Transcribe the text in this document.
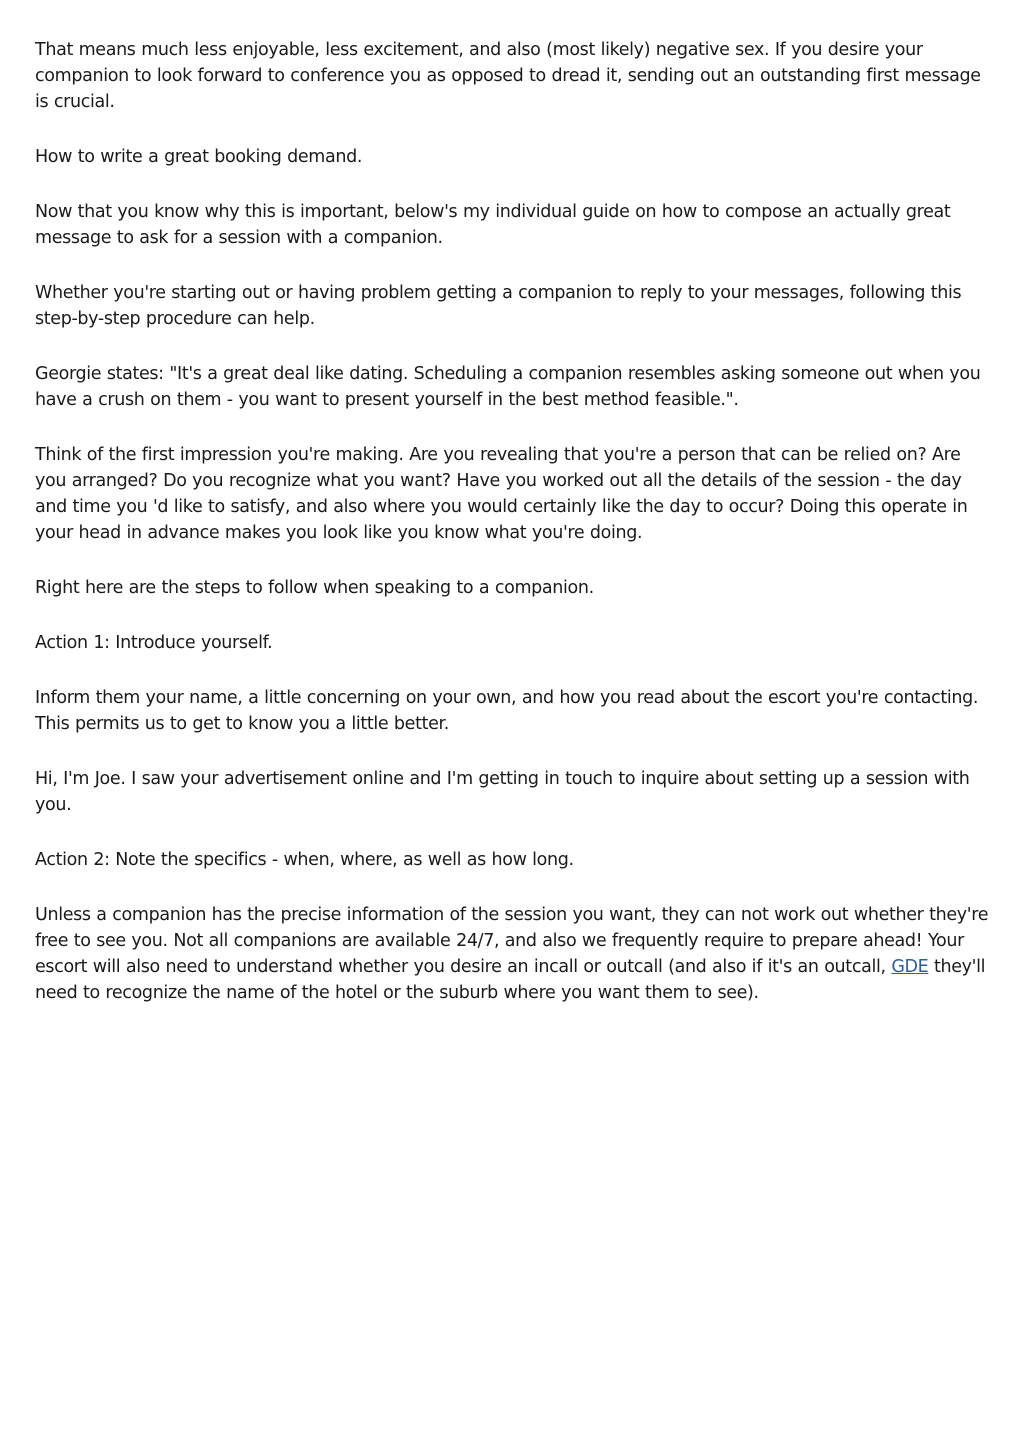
That means much less enjoyable, less excitement, and also (most likely) negative sex. If you desire your companion to look forward to conference you as opposed to dread it, sending out an outstanding first message is crucial.

How to write a great booking demand.

Now that you know why this is important, below's my individual guide on how to compose an actually great message to ask for a session with a companion.

Whether you're starting out or having problem getting a companion to reply to your messages, following this step-by-step procedure can help.

Georgie states: "It's a great deal like dating. Scheduling a companion resembles asking someone out when you have a crush on them - you want to present yourself in the best method feasible.".

Think of the first impression you're making. Are you revealing that you're a person that can be relied on? Are you arranged? Do you recognize what you want? Have you worked out all the details of the session - the day and time you 'd like to satisfy, and also where you would certainly like the day to occur? Doing this operate in your head in advance makes you look like you know what you're doing.

Right here are the steps to follow when speaking to a companion.

Action 1: Introduce yourself.

Inform them your name, a little concerning on your own, and how you read about the escort you're contacting. This permits us to get to know you a little better.

Hi, I'm Joe. I saw your advertisement online and I'm getting in touch to inquire about setting up a session with you.

Action 2: Note the specifics - when, where, as well as how long.

Unless a companion has the precise information of the session you want, they can not work out whether they're free to see you. Not all companions are available 24/7, and also we frequently require to prepare ahead! Your escort will also need to understand whether you desire an incall or outcall (and also if it's an outcall, GDE they'll need to recognize the name of the hotel or the suburb where you want them to see).
